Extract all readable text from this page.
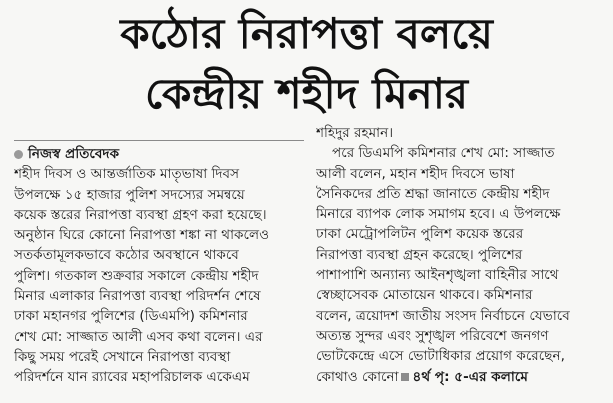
কঠোর নিরাপত্তা বলয়ে
কেন্দ্রীয় শহীদ মিনার
নিজস্ব প্রতিবেদক
শহীদ দিবস ও আন্তর্জাতিক মাতৃভাষা দিবস
উপলক্ষে ১৫ হাজার পুলিশ সদস্যের সমন্বয়ে
কয়েক স্তরের নিরাপত্তা ব্যবস্থা গ্রহণ করা হয়েছে।
অনুষ্ঠান ঘিরে কোনো নিরাপত্তা শঙ্কা না থাকলেও
সতর্কতামূলকভাবে কঠোর অবস্থানে থাকবে
পুলিশ। গতকাল শুক্রবার সকালে কেন্দ্রীয় শহীদ
মিনার এলাকার নিরাপত্তা ব্যবস্থা পরিদর্শন শেষে
ঢাকা মহানগর পুলিশের (ডিএমপি) কমিশনার
শেখ মো: সাজ্জাত আলী এসব কথা বলেন। এর
কিছু সময় পরেই সেখানে নিরাপত্তা ব্যবস্থা
পরিদর্শনে যান র‍্যাবের মহাপরিচালক একেএম
শহিদুর রহমান।
পরে ডিএমপি কমিশনার শেখ মো: সাজ্জাত
আলী বলেন, মহান শহীদ দিবসে ভাষা
সৈনিকদের প্রতি শ্রদ্ধা জানাতে কেন্দ্রীয় শহীদ
মিনারে ব্যাপক লোক সমাগম হবে। এ উপলক্ষে
ঢাকা মেট্রোপলিটন পুলিশ কয়েক স্তরের
নিরাপত্তা ব্যবস্থা গ্রহন করেছে। পুলিশের
পাশাপাশি অন্যান্য আইনশৃঙ্খলা বাহিনীর সাথে
স্বেচ্ছাসেবক মোতায়েন থাকবে। কমিশনার
বলেন, ত্রয়োদশ জাতীয় সংসদ নির্বাচনে যেভাবে
অত্যন্ত সুন্দর এবং সুশৃঙ্খল পরিবেশে জনগণ
ভোটকেন্দ্রে এসে ভোটাধিকার প্রয়োগ করেছেন,
কোথাও কোনো ৪র্থ পৃ: ৫-এর কলামে
